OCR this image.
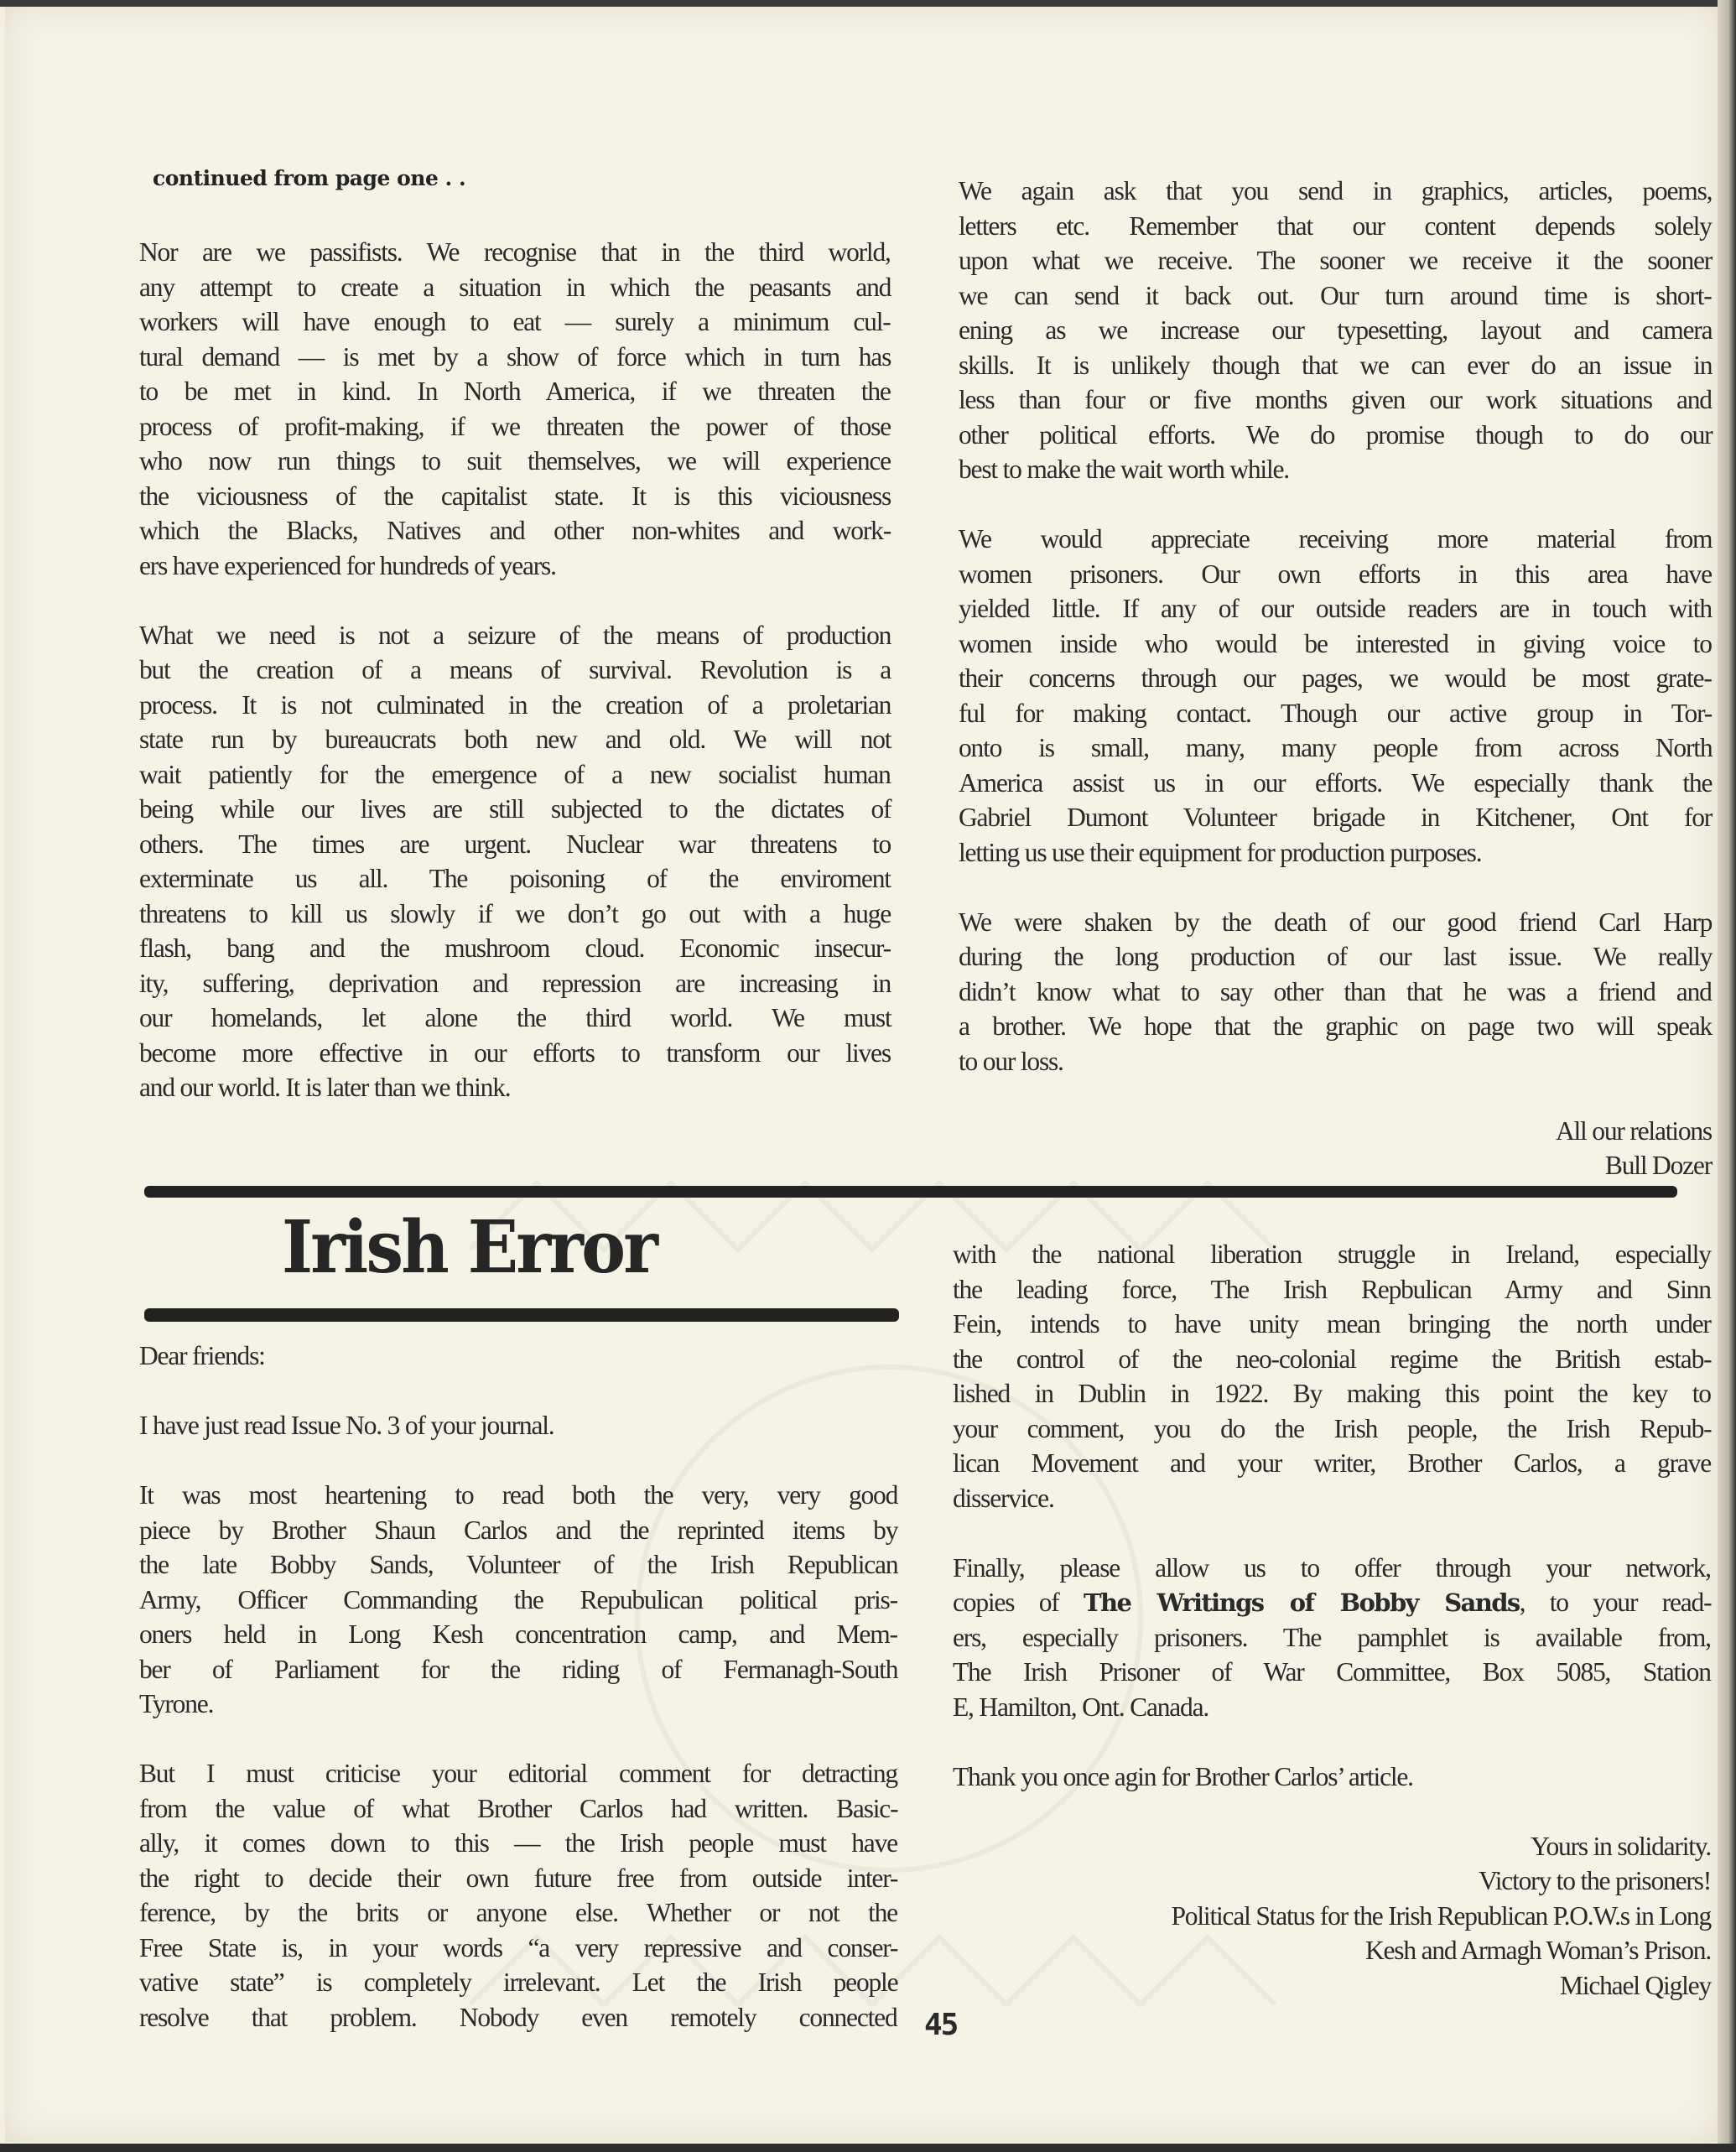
continued from page one . .
Nor are we passifists. We recognise that in the third world,
any attempt to create a situation in which the peasants and
workers will have enough to eat — surely a minimum cul-
tural demand — is met by a show of force which in turn has
to be met in kind. In North America, if we threaten the
process of profit-making, if we threaten the power of those
who now run things to suit themselves, we will experience
the viciousness of the capitalist state. It is this viciousness
which the Blacks, Natives and other non-whites and work-
ers have experienced for hundreds of years.
What we need is not a seizure of the means of production
but the creation of a means of survival. Revolution is a
process. It is not culminated in the creation of a proletarian
state run by bureaucrats both new and old. We will not
wait patiently for the emergence of a new socialist human
being while our lives are still subjected to the dictates of
others. The times are urgent. Nuclear war threatens to
exterminate us all. The poisoning of the enviroment
threatens to kill us slowly if we don’t go out with a huge
flash, bang and the mushroom cloud. Economic insecur-
ity, suffering, deprivation and repression are increasing in
our homelands, let alone the third world. We must
become more effective in our efforts to transform our lives
and our world. It is later than we think.
We again ask that you send in graphics, articles, poems,
letters etc. Remember that our content depends solely
upon what we receive. The sooner we receive it the sooner
we can send it back out. Our turn around time is short-
ening as we increase our typesetting, layout and camera
skills. It is unlikely though that we can ever do an issue in
less than four or five months given our work situations and
other political efforts. We do promise though to do our
best to make the wait worth while.
We would appreciate receiving more material from
women prisoners. Our own efforts in this area have
yielded little. If any of our outside readers are in touch with
women inside who would be interested in giving voice to
their concerns through our pages, we would be most grate-
ful for making contact. Though our active group in Tor-
onto is small, many, many people from across North
America assist us in our efforts. We especially thank the
Gabriel Dumont Volunteer brigade in Kitchener, Ont for
letting us use their equipment for production purposes.
We were shaken by the death of our good friend Carl Harp
during the long production of our last issue. We really
didn’t know what to say other than that he was a friend and
a brother. We hope that the graphic on page two will speak
to our loss.
All our relations
Bull Dozer
Irish Error
Dear friends:
I have just read Issue No. 3 of your journal.
It was most heartening to read both the very, very good
piece by Brother Shaun Carlos and the reprinted items by
the late Bobby Sands, Volunteer of the Irish Republican
Army, Officer Commanding the Repubulican political pris-
oners held in Long Kesh concentration camp, and Mem-
ber of Parliament for the riding of Fermanagh-South
Tyrone.
But I must criticise your editorial comment for detracting
from the value of what Brother Carlos had written. Basic-
ally, it comes down to this — the Irish people must have
the right to decide their own future free from outside inter-
ference, by the brits or anyone else. Whether or not the
Free State is, in your words “a very repressive and conser-
vative state” is completely irrelevant. Let the Irish people
resolve that problem. Nobody even remotely connected
with the national liberation struggle in Ireland, especially
the leading force, The Irish Repbulican Army and Sinn
Fein, intends to have unity mean bringing the north under
the control of the neo-colonial regime the British estab-
lished in Dublin in 1922. By making this point the key to
your comment, you do the Irish people, the Irish Repub-
lican Movement and your writer, Brother Carlos, a grave
disservice.
Finally, please allow us to offer through your network,
copies of The Writings of Bobby Sands, to your read-
ers, especially prisoners. The pamphlet is available from,
The Irish Prisoner of War Committee, Box 5085, Station
E, Hamilton, Ont. Canada.
Thank you once agin for Brother Carlos’ article.
Yours in solidarity.
Victory to the prisoners!
Political Status for the Irish Republican P.O.W.s in Long
Kesh and Armagh Woman’s Prison.
Michael Qigley
45
